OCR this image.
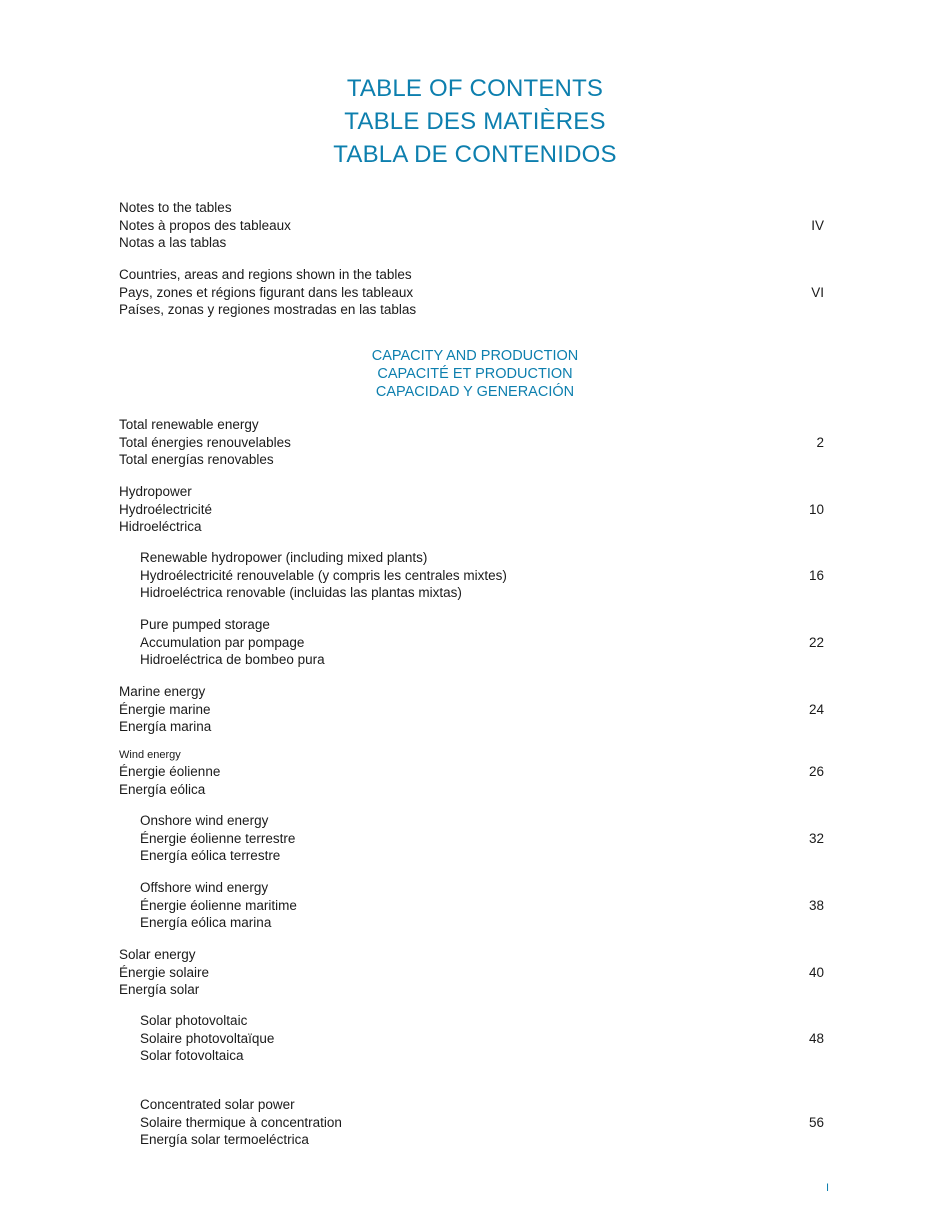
TABLE OF CONTENTS
TABLE DES MATIÈRES
TABLA DE CONTENIDOS
Notes to the tables
Notes à propos des tableaux
Notas a las tablas
IV
Countries, areas and regions shown in the tables
Pays, zones et régions figurant dans les tableaux
Países, zonas y regiones mostradas en las tablas
VI
CAPACITY AND PRODUCTION
CAPACITÉ ET PRODUCTION
CAPACIDAD Y GENERACIÓN
Total renewable energy
Total énergies renouvelables
Total energías renovables
2
Hydropower
Hydroélectricité
Hidroeléctrica
10
Renewable hydropower (including mixed plants)
Hydroélectricité renouvelable (y compris les centrales mixtes)
Hidroeléctrica renovable (incluidas las plantas mixtas)
16
Pure pumped storage
Accumulation par pompage
Hidroeléctrica de bombeo pura
22
Marine energy
Énergie marine
Energía marina
24
Wind energy
Énergie éolienne
Energía eólica
26
Onshore wind energy
Énergie éolienne terrestre
Energía eólica terrestre
32
Offshore wind energy
Énergie éolienne maritime
Energía eólica marina
38
Solar energy
Énergie solaire
Energía solar
40
Solar photovoltaic
Solaire photovoltaïque
Solar fotovoltaica
48
Concentrated solar power
Solaire thermique à concentration
Energía solar termoeléctrica
56
I
